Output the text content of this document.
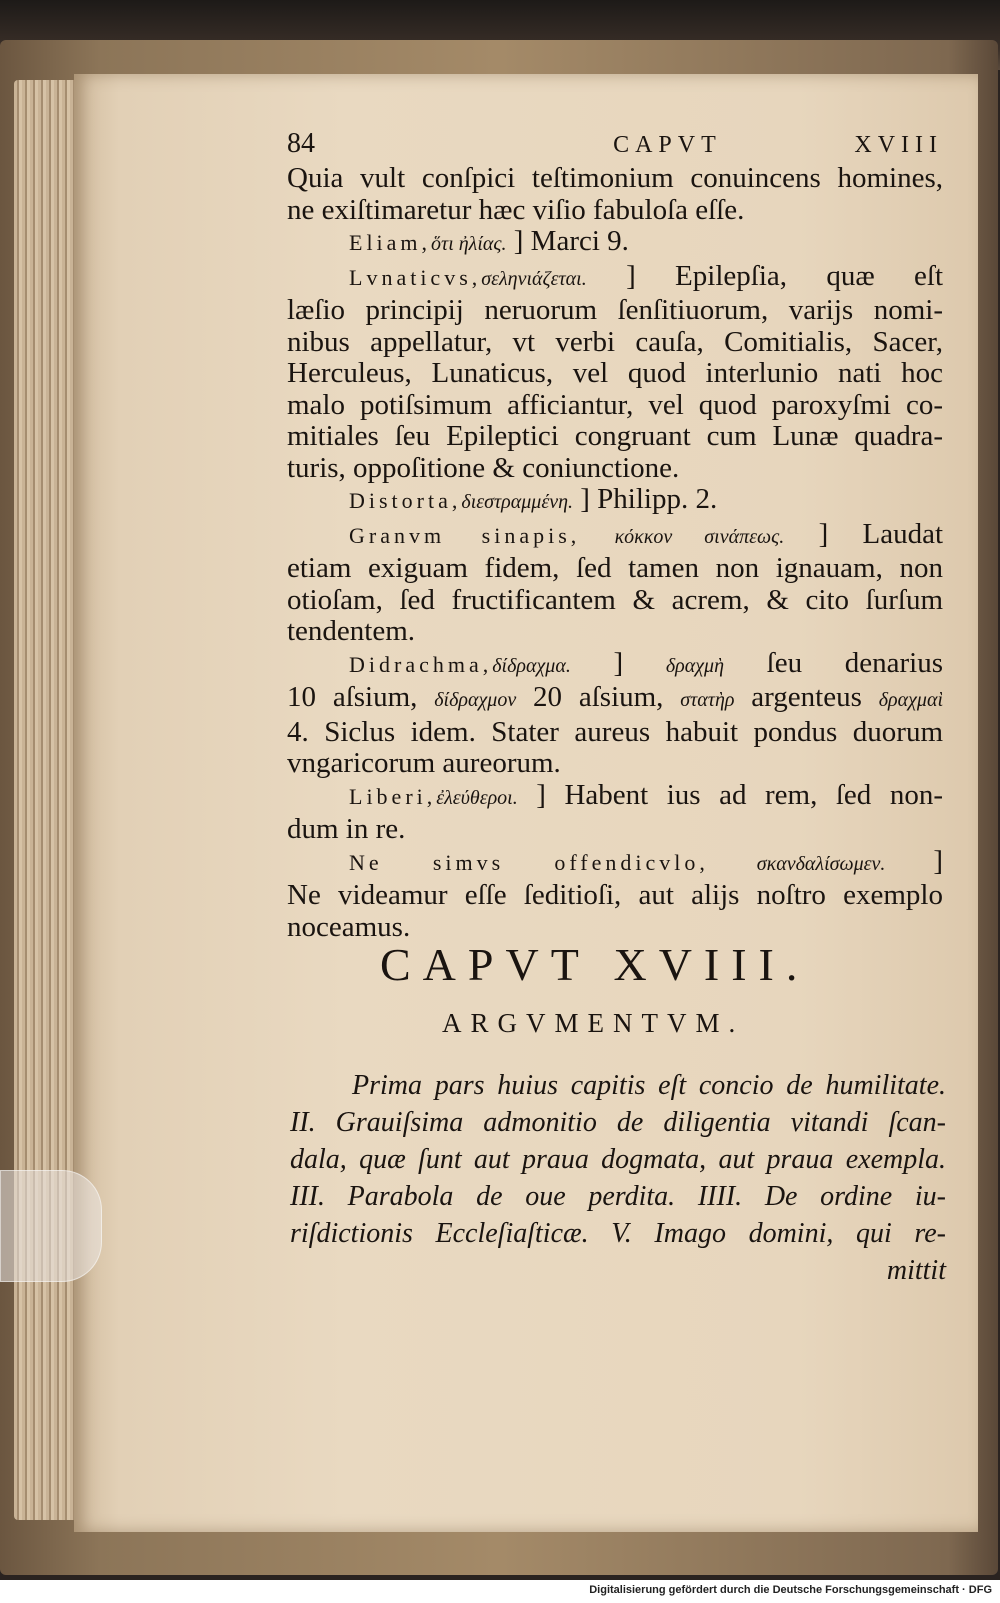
84	CAPVT XVIII
Quia vult conſpici teſtimonium conuincens homines,
ne exiſtimaretur hæc viſio fabuloſa eſſe.
Eliam,ὅτι ἠλίας. ] Marci 9.
Lvnaticvs,σεληνιάζεται. ] Epilepſia, quæ eſt
læſio principij neruorum ſenſitiuorum, varijs nomi-
nibus appellatur, vt verbi cauſa, Comitialis, Sacer,
Herculeus, Lunaticus, vel quod interlunio nati hoc
malo potiſsimum afficiantur, vel quod paroxyſmi co-
mitiales ſeu Epileptici congruant cum Lunæ quadra-
turis, oppoſitione & coniunctione.
Distorta,διεστραμμένη. ] Philipp. 2.
Granvm sinapis, κόκκον σινάπεως. ] Laudat
etiam exiguam fidem, ſed tamen non ignauam, non
otioſam, ſed fructificantem & acrem, & cito ſurſum
tendentem.
Didrachma,δίδραχμα. ] δραχμὴ ſeu denarius
10 aſsium, δίδραχμον 20 aſsium, στατὴρ argenteus δραχμαὶ
4. Siclus idem. Stater aureus habuit pondus duorum
vngaricorum aureorum.
Liberi,ἐλεύθεροι. ] Habent ius ad rem, ſed non-
dum in re.
Ne simvs offendicvlo, σκανδαλίσωμεν. ]
Ne videamur eſſe ſeditioſi, aut alijs noſtro exemplo
noceamus.
CAPVT XVIII.
ARGVMENTVM.
Prima pars huius capitis eſt concio de humilitate.
II. Grauiſsima admonitio de diligentia vitandi ſcan-
dala, quæ ſunt aut praua dogmata, aut praua exempla.
III. Parabola de oue perdita. IIII. De ordine iu-
riſdictionis Eccleſiaſticæ. V. Imago domini, qui re-
mittit
Digitalisierung gefördert durch die Deutsche Forschungsgemeinschaft · DFG
